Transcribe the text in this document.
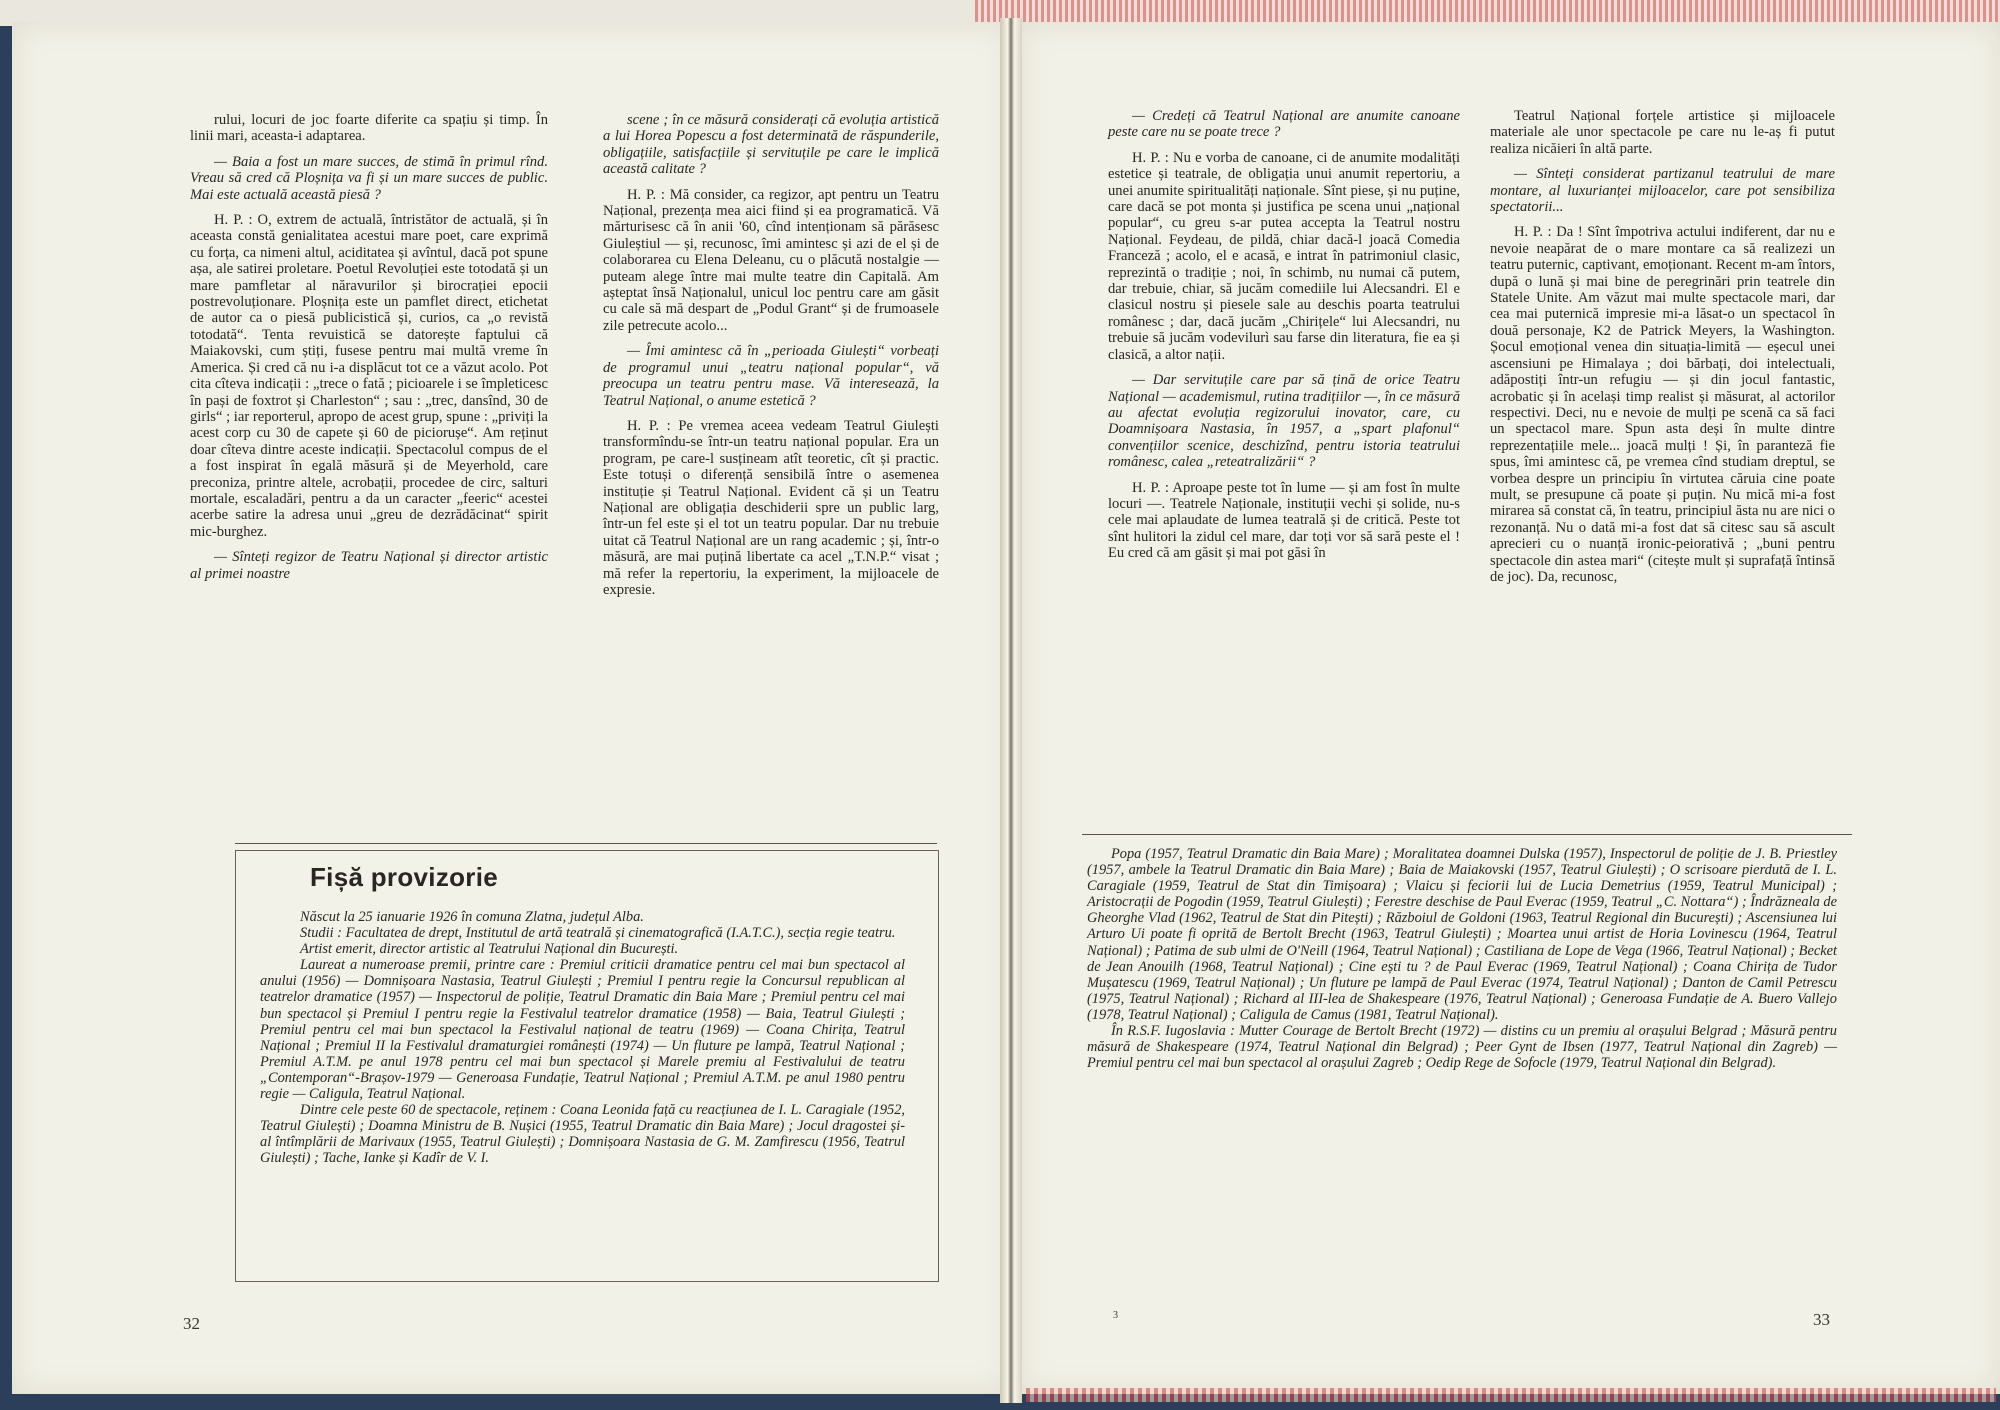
rului, locuri de joc foarte diferite ca spațiu și timp. În linii mari, aceasta-i adaptarea.

— Baia a fost un mare succes, de stimă în primul rînd. Vreau să cred că Ploșnița va fi și un mare succes de public. Mai este actuală această piesă ?

H. P. : O, extrem de actuală, întristător de actuală, și în aceasta constă genialitatea acestui mare poet, care exprimă cu forța, ca nimeni altul, aciditatea și avîntul, dacă pot spune așa, ale satirei proletare. Poetul Revoluției este totodată și un mare pamfletar al năravurilor și birocrației epocii postrevoluționare. Ploșnița este un pamflet direct, etichetat de autor ca o piesă publicistică și, curios, ca „o revistă totodată“. Tenta revuistică se datorește faptului că Maiakovski, cum știți, fusese pentru mai multă vreme în America. Și cred că nu i-a displăcut tot ce a văzut acolo. Pot cita cîteva indicații : „trece o fată ; picioarele i se împleticesc în pași de foxtrot și Charleston“ ; sau : „trec, dansînd, 30 de girls“ ; iar reporterul, apropo de acest grup, spune : „priviți la acest corp cu 30 de capete și 60 de piciorușe“. Am reținut doar cîteva dintre aceste indicații. Spectacolul compus de el a fost inspirat în egală măsură și de Meyerhold, care preconiza, printre altele, acrobații, procedee de circ, salturi mortale, escaladări, pentru a da un caracter „feeric“ acestei acerbe satire la adresa unui „greu de dezrădăcinat“ spirit mic-burghez.

— Sînteți regizor de Teatru Național și director artistic al primei noastre

scene ; în ce măsură considerați că evoluția artistică a lui Horea Popescu a fost determinată de răspunderile, obligațiile, satisfacțiile și servituțile pe care le implică această calitate ?

H. P. : Mă consider, ca regizor, apt pentru un Teatru Național, prezența mea aici fiind și ea programatică. Vă mărturisesc că în anii '60, cînd intenționam să părăsesc Giuleștiul — și, recunosc, îmi amintesc și azi de el și de colaborarea cu Elena Deleanu, cu o plăcută nostalgie — puteam alege între mai multe teatre din Capitală. Am așteptat însă Naționalul, unicul loc pentru care am găsit cu cale să mă despart de „Podul Grant“ și de frumoasele zile petrecute acolo...

— Îmi amintesc că în „perioada Giulești“ vorbeați de programul unui „teatru național popular“, vă preocupa un teatru pentru mase. Vă interesează, la Teatrul Național, o anume estetică ?

H. P. : Pe vremea aceea vedeam Teatrul Giulești transformîndu-se într-un teatru național popular. Era un program, pe care-l susțineam atît teoretic, cît și practic. Este totuși o diferență sensibilă între o asemenea instituție și Teatrul Național. Evident că și un Teatru Național are obligația deschiderii spre un public larg, într-un fel este și el tot un teatru popular. Dar nu trebuie uitat că Teatrul Național are un rang academic ; și, într-o măsură, are mai puțină libertate ca acel „T.N.P.“ visat ; mă refer la repertoriu, la experiment, la mijloacele de expresie.

Fișă provizorie

Născut la 25 ianuarie 1926 în comuna Zlatna, județul Alba.

Studii : Facultatea de drept, Institutul de artă teatrală și cinematografică (I.A.T.C.), secția regie teatru.

Artist emerit, director artistic al Teatrului Național din București.

Laureat a numeroase premii, printre care : Premiul criticii dramatice pentru cel mai bun spectacol al anului (1956) — Domnișoara Nastasia, Teatrul Giulești ; Premiul I pentru regie la Concursul republican al teatrelor dramatice (1957) — Inspectorul de poliție, Teatrul Dramatic din Baia Mare ; Premiul pentru cel mai bun spectacol și Premiul I pentru regie la Festivalul teatrelor dramatice (1958) — Baia, Teatrul Giulești ; Premiul pentru cel mai bun spectacol la Festivalul național de teatru (1969) — Coana Chirița, Teatrul Național ; Premiul II la Festivalul dramaturgiei românești (1974) — Un fluture pe lampă, Teatrul Național ; Premiul A.T.M. pe anul 1978 pentru cel mai bun spectacol și Marele premiu al Festivalului de teatru „Contemporan“-Brașov-1979 — Generoasa Fundație, Teatrul Național ; Premiul A.T.M. pe anul 1980 pentru regie — Caligula, Teatrul Național.

Dintre cele peste 60 de spectacole, reținem : Coana Leonida față cu reacțiunea de I. L. Caragiale (1952, Teatrul Giulești) ; Doamna Ministru de B. Nușici (1955, Teatrul Dramatic din Baia Mare) ; Jocul dragostei și-al întîmplării de Marivaux (1955, Teatrul Giulești) ; Domnișoara Nastasia de G. M. Zamfirescu (1956, Teatrul Giulești) ; Tache, Ianke și Kadîr de V. I.

32

— Credeți că Teatrul Național are anumite canoane peste care nu se poate trece ?

H. P. : Nu e vorba de canoane, ci de anumite modalități estetice și teatrale, de obligația unui anumit repertoriu, a unei anumite spiritualități naționale. Sînt piese, și nu puține, care dacă se pot monta și justifica pe scena unui „național popular“, cu greu s-ar putea accepta la Teatrul nostru Național. Feydeau, de pildă, chiar dacă-l joacă Comedia Franceză ; acolo, el e acasă, e intrat în patrimoniul clasic, reprezintă o tradiție ; noi, în schimb, nu numai că putem, dar trebuie, chiar, să jucăm comediile lui Alecsandri. El e clasicul nostru și piesele sale au deschis poarta teatrului românesc ; dar, dacă jucăm „Chirițele“ lui Alecsandri, nu trebuie să jucăm vodevilurì sau farse din literatura, fie ea și clasică, a altor nații.

— Dar servituțile care par să țină de orice Teatru Național — academismul, rutina tradițiilor —, în ce măsură au afectat evoluția regizorului inovator, care, cu Doamnișoara Nastasia, în 1957, a „spart plafonul“ convențiilor scenice, deschizînd, pentru istoria teatrului românesc, calea „reteatralizării“ ?

H. P. : Aproape peste tot în lume — și am fost în multe locuri —. Teatrele Naționale, instituții vechi și solide, nu-s cele mai aplaudate de lumea teatrală și de critică. Peste tot sînt hulitori la zidul cel mare, dar toți vor să sară peste el ! Eu cred că am găsit și mai pot găsi în

Teatrul Național forțele artistice și mijloacele materiale ale unor spectacole pe care nu le-aș fi putut realiza nicăieri în altă parte.

— Sînteți considerat partizanul teatrului de mare montare, al luxurianței mijloacelor, care pot sensibiliza spectatorii...

H. P. : Da ! Sînt împotriva actului indiferent, dar nu e nevoie neapărat de o mare montare ca să realizezi un teatru puternic, captivant, emoționant. Recent m-am întors, după o lună și mai bine de peregrinări prin teatrele din Statele Unite. Am văzut mai multe spectacole mari, dar cea mai puternică impresie mi-a lăsat-o un spectacol în două personaje, K2 de Patrick Meyers, la Washington. Șocul emoțional venea din situația-limită — eșecul unei ascensiuni pe Himalaya ; doi bărbați, doi intelectuali, adăpostiți într-un refugiu — și din jocul fantastic, acrobatic și în același timp realist și măsurat, al actorilor respectivi. Deci, nu e nevoie de mulți pe scenă ca să faci un spectacol mare. Spun asta deși în multe dintre reprezentațiile mele... joacă mulți ! Și, în paranteză fie spus, îmi amintesc că, pe vremea cînd studiam dreptul, se vorbea despre un principiu în virtutea căruia cine poate mult, se presupune că poate și puțin. Nu mică mi-a fost mirarea să constat că, în teatru, principiul ăsta nu are nici o rezonanță. Nu o dată mi-a fost dat să citesc sau să ascult aprecieri cu o nuanță ironic-peiorativă ; „buni pentru spectacole din astea mari“ (citește mult și suprafață întinsă de joc). Da, recunosc,

Popa (1957, Teatrul Dramatic din Baia Mare) ; Moralitatea doamnei Dulska (1957), Inspectorul de poliție de J. B. Priestley (1957, ambele la Teatrul Dramatic din Baia Mare) ; Baia de Maiakovski (1957, Teatrul Giulești) ; O scrisoare pierdută de I. L. Caragiale (1959, Teatrul de Stat din Timișoara) ; Vlaicu și feciorii lui de Lucia Demetrius (1959, Teatrul Municipal) ; Aristocrații de Pogodin (1959, Teatrul Giulești) ; Ferestre deschise de Paul Everac (1959, Teatrul „C. Nottara“) ; Îndrăzneala de Gheorghe Vlad (1962, Teatrul de Stat din Pitești) ; Războiul de Goldoni (1963, Teatrul Regional din București) ; Ascensiunea lui Arturo Ui poate fi oprită de Bertolt Brecht (1963, Teatrul Giulești) ; Moartea unui artist de Horia Lovinescu (1964, Teatrul Național) ; Patima de sub ulmi de O'Neill (1964, Teatrul Național) ; Castiliana de Lope de Vega (1966, Teatrul Național) ; Becket de Jean Anouilh (1968, Teatrul Național) ; Cine ești tu ? de Paul Everac (1969, Teatrul Național) ; Coana Chirița de Tudor Mușatescu (1969, Teatrul Național) ; Un fluture pe lampă de Paul Everac (1974, Teatrul Național) ; Danton de Camil Petrescu (1975, Teatrul Național) ; Richard al III-lea de Shakespeare (1976, Teatrul Național) ; Generoasa Fundație de A. Buero Vallejo (1978, Teatrul Național) ; Caligula de Camus (1981, Teatrul Național).

În R.S.F. Iugoslavia : Mutter Courage de Bertolt Brecht (1972) — distins cu un premiu al orașului Belgrad ; Măsură pentru măsură de Shakespeare (1974, Teatrul Național din Belgrad) ; Peer Gynt de Ibsen (1977, Teatrul Național din Zagreb) — Premiul pentru cel mai bun spectacol al orașului Zagreb ; Oedip Rege de Sofocle (1979, Teatrul Național din Belgrad).

3	33
